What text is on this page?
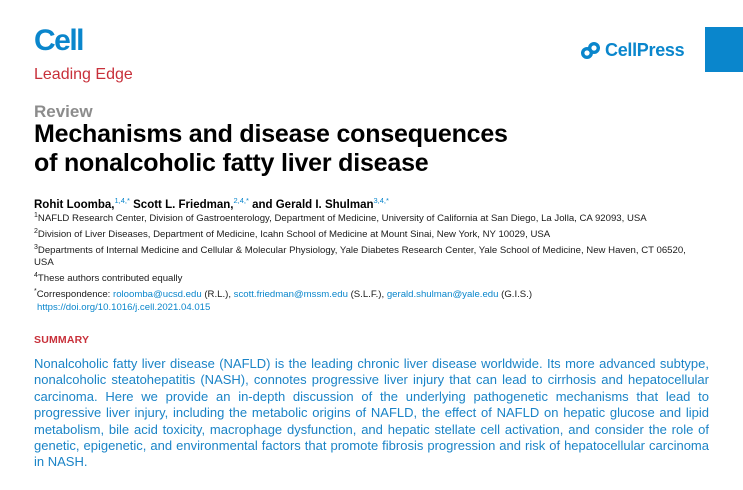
Cell
Leading Edge
CellPress
Review
Mechanisms and disease consequences
of nonalcoholic fatty liver disease
Rohit Loomba,$^{1,4,*}$ Scott L. Friedman,$^{2,4,*}$ and Gerald I. Shulman$^{3,4,*}$
$^1$NAFLD Research Center, Division of Gastroenterology, Department of Medicine, University of California at San Diego, La Jolla, CA 92093, USA
$^2$Division of Liver Diseases, Department of Medicine, Icahn School of Medicine at Mount Sinai, New York, NY 10029, USA
$^3$Departments of Internal Medicine and Cellular & Molecular Physiology, Yale Diabetes Research Center, Yale School of Medicine, New Haven, CT 06520, USA
$^4$These authors contributed equally
*Correspondence: roloomba@ucsd.edu (R.L.), scott.friedman@mssm.edu (S.L.F.), gerald.shulman@yale.edu (G.I.S.)
https://doi.org/10.1016/j.cell.2021.04.015
SUMMARY

Nonalcoholic fatty liver disease (NAFLD) is the leading chronic liver disease worldwide. Its more advanced subtype, nonalcoholic steatohepatitis (NASH), connotes progressive liver injury that can lead to cirrhosis and hepatocellular carcinoma. Here we provide an in-depth discussion of the underlying pathogenetic mechanisms that lead to progressive liver injury, including the metabolic origins of NAFLD, the effect of NAFLD on hepatic glucose and lipid metabolism, bile acid toxicity, macrophage dysfunction, and hepatic stellate cell activation, and consider the role of genetic, epigenetic, and environmental factors that promote fibrosis progression and risk of hepatocellular carcinoma in NASH.
